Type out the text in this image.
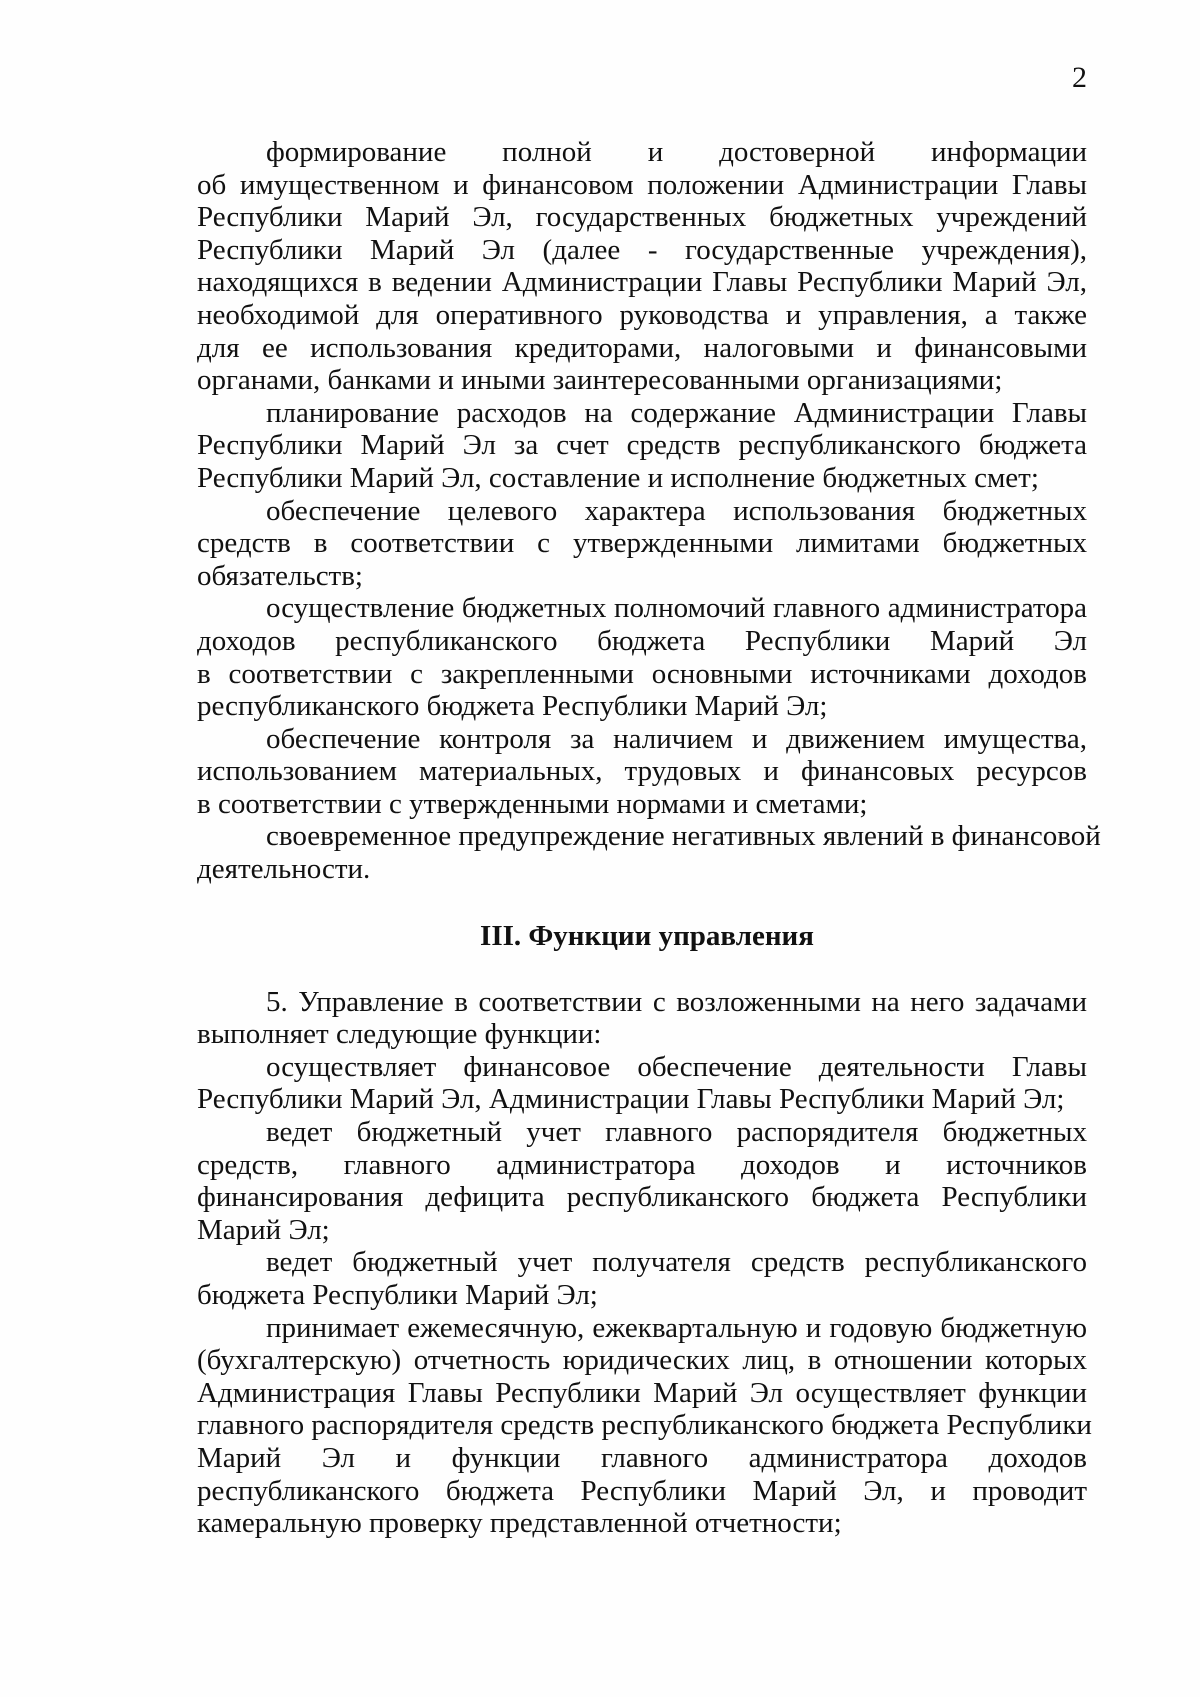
2
формирование полной и достоверной информации
об имущественном и финансовом положении Администрации Главы
Республики Марий Эл, государственных бюджетных учреждений
Республики Марий Эл (далее - государственные учреждения),
находящихся в ведении Администрации Главы Республики Марий Эл,
необходимой для оперативного руководства и управления, а также
для ее использования кредиторами, налоговыми и финансовыми
органами, банками и иными заинтересованными организациями;
планирование расходов на содержание Администрации Главы
Республики Марий Эл за счет средств республиканского бюджета
Республики Марий Эл, составление и исполнение бюджетных смет;
обеспечение целевого характера использования бюджетных
средств в соответствии с утвержденными лимитами бюджетных
обязательств;
осуществление бюджетных полномочий главного администратора
доходов республиканского бюджета Республики Марий Эл
в соответствии с закрепленными основными источниками доходов
республиканского бюджета Республики Марий Эл;
обеспечение контроля за наличием и движением имущества,
использованием материальных, трудовых и финансовых ресурсов
в соответствии с утвержденными нормами и сметами;
своевременное предупреждение негативных явлений в финансовой
деятельности.
III. Функции управления
5. Управление в соответствии с возложенными на него задачами
выполняет следующие функции:
осуществляет финансовое обеспечение деятельности Главы
Республики Марий Эл, Администрации Главы Республики Марий Эл;
ведет бюджетный учет главного распорядителя бюджетных
средств, главного администратора доходов и источников
финансирования дефицита республиканского бюджета Республики
Марий Эл;
ведет бюджетный учет получателя средств республиканского
бюджета Республики Марий Эл;
принимает ежемесячную, ежеквартальную и годовую бюджетную
(бухгалтерскую) отчетность юридических лиц, в отношении которых
Администрация Главы Республики Марий Эл осуществляет функции
главного распорядителя средств республиканского бюджета Республики
Марий Эл и функции главного администратора доходов
республиканского бюджета Республики Марий Эл, и проводит
камеральную проверку представленной отчетности;
